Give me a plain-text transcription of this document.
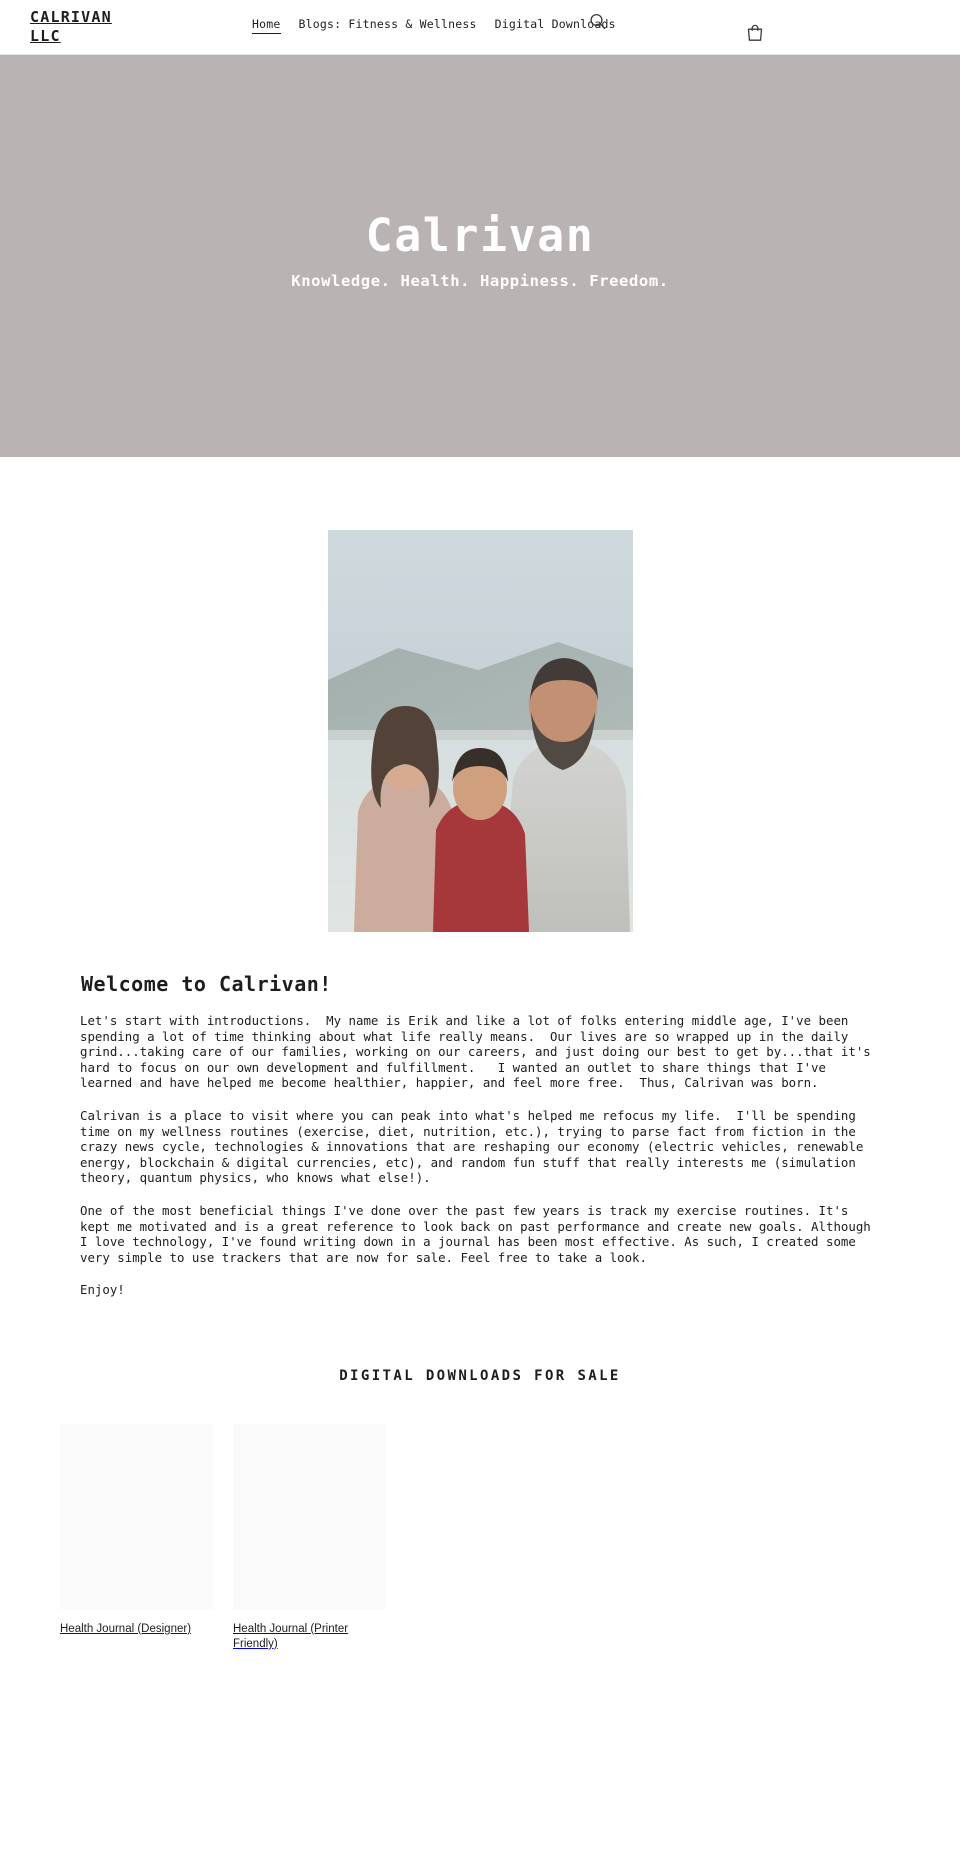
CALRIVAN
LLC
Home Blogs: Fitness & Wellness Digital Downloads
Calrivan

Knowledge. Health. Happiness. Freedom.

Welcome to Calrivan!

Let's start with introductions.  My name is Erik and like a lot of folks entering middle age, I've been spending a lot of time thinking about what life really means.  Our lives are so wrapped up in the daily grind...taking care of our families, working on our careers, and just doing our best to get by...that it's hard to focus on our own development and fulfillment.   I wanted an outlet to share things that I've learned and have helped me become healthier, happier, and feel more free.  Thus, Calrivan was born.

Calrivan is a place to visit where you can peak into what's helped me refocus my life.  I'll be spending time on my wellness routines (exercise, diet, nutrition, etc.), trying to parse fact from fiction in the crazy news cycle, technologies & innovations that are reshaping our economy (electric vehicles, renewable energy, blockchain & digital currencies, etc), and random fun stuff that really interests me (simulation theory, quantum physics, who knows what else!).

One of the most beneficial things I've done over the past few years is track my exercise routines. It's kept me motivated and is a great reference to look back on past performance and create new goals. Although I love technology, I've found writing down in a journal has been most effective. As such, I created some very simple to use trackers that are now for sale. Feel free to take a look.

Enjoy!

DIGITAL DOWNLOADS FOR SALE
Health Journal (Designer)	Health Journal (Printer Friendly)
